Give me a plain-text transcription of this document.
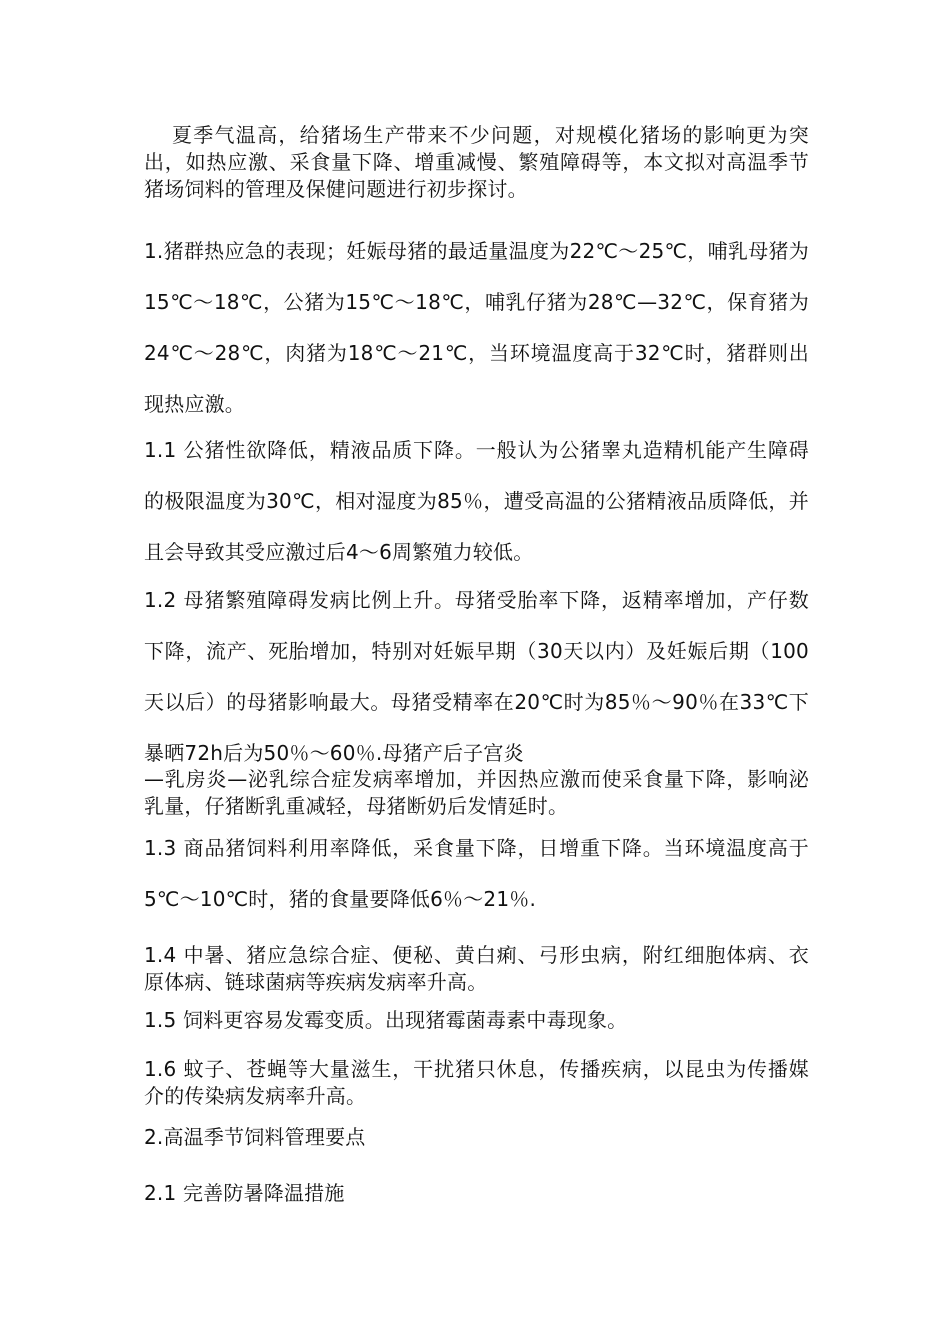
夏季气温高，给猪场生产带来不少问题，对规模化猪场的影响更为突出，如热应激、采食量下降、增重减慢、繁殖障碍等，本文拟对高温季节猪场饲料的管理及保健问题进行初步探讨。

1.猪群热应急的表现；妊娠母猪的最适量温度为22℃～25℃，哺乳母猪为15℃～18℃，公猪为15℃～18℃，哺乳仔猪为28℃—32℃，保育猪为24℃～28℃，肉猪为18℃～21℃，当环境温度高于32℃时，猪群则出现热应激。

1.1 公猪性欲降低，精液品质下降。一般认为公猪睾丸造精机能产生障碍的极限温度为30℃，相对湿度为85％，遭受高温的公猪精液品质降低，并且会导致其受应激过后4～6周繁殖力较低。

1.2 母猪繁殖障碍发病比例上升。母猪受胎率下降，返精率增加，产仔数下降，流产、死胎增加，特别对妊娠早期（30天以内）及妊娠后期（100天以后）的母猪影响最大。母猪受精率在20℃时为85％～90％在33℃下暴晒72h后为50％～60％.母猪产后子宫炎

—乳房炎—泌乳综合症发病率增加，并因热应激而使采食量下降，影响泌乳量，仔猪断乳重减轻，母猪断奶后发情延时。

1.3 商品猪饲料利用率降低，采食量下降，日增重下降。当环境温度高于5℃～10℃时，猪的食量要降低6％～21％.

1.4 中暑、猪应急综合症、便秘、黄白痢、弓形虫病，附红细胞体病、衣原体病、链球菌病等疾病发病率升高。

1.5 饲料更容易发霉变质。出现猪霉菌毒素中毒现象。

1.6 蚊子、苍蝇等大量滋生，干扰猪只休息，传播疾病，以昆虫为传播媒介的传染病发病率升高。

2.高温季节饲料管理要点

2.1 完善防暑降温措施
